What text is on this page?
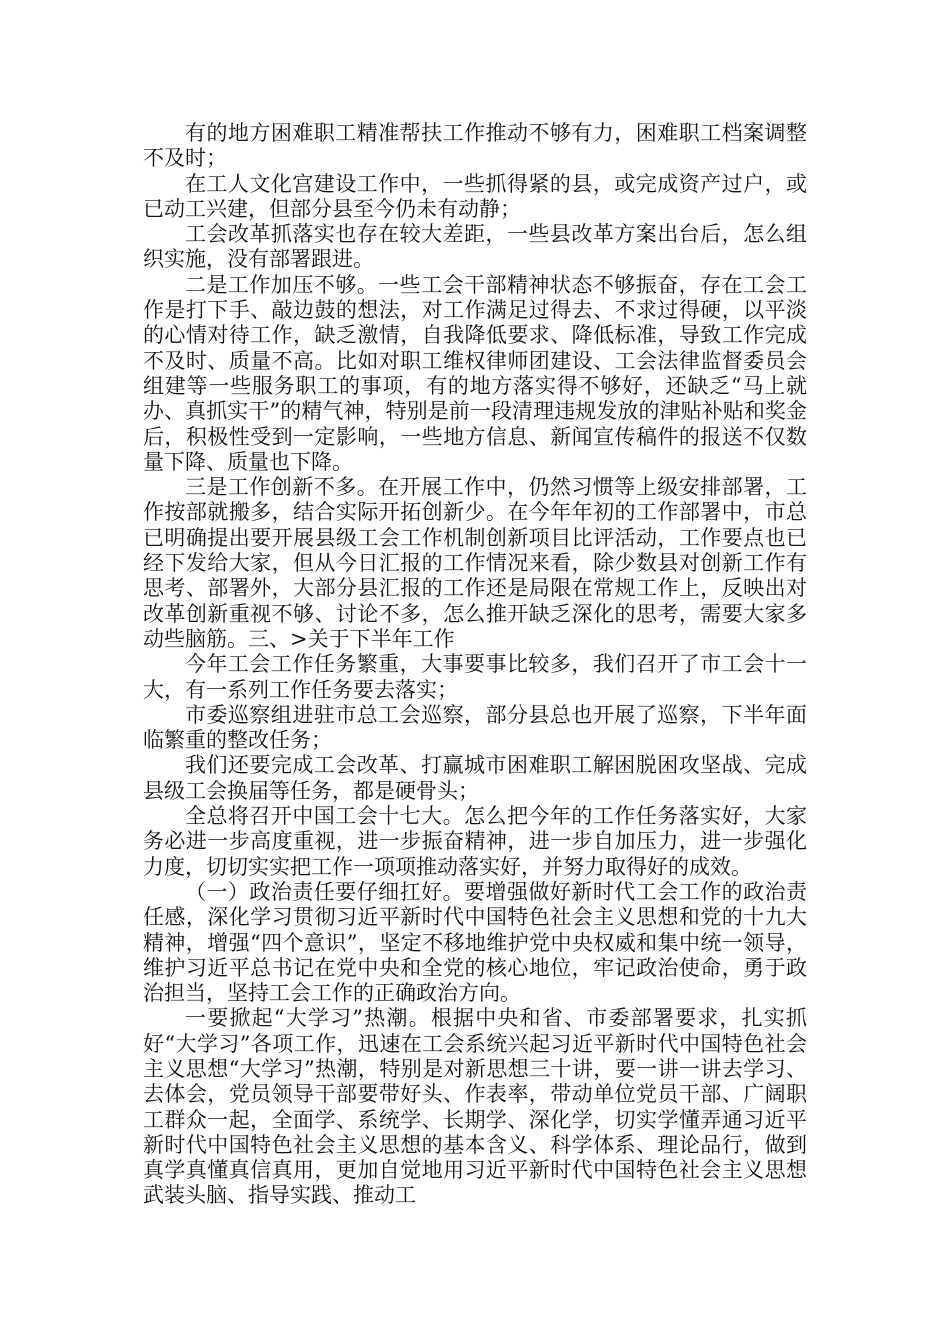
有的地方困难职工精准帮扶工作推动不够有力，困难职工档案调整不及时；

在工人文化宫建设工作中，一些抓得紧的县，或完成资产过户，或已动工兴建，但部分县至今仍未有动静；

工会改革抓落实也存在较大差距，一些县改革方案出台后，怎么组织实施，没有部署跟进。

二是工作加压不够。一些工会干部精神状态不够振奋，存在工会工作是打下手、敲边鼓的想法，对工作满足过得去、不求过得硬，以平淡的心情对待工作，缺乏激情，自我降低要求、降低标准，导致工作完成不及时、质量不高。比如对职工维权律师团建设、工会法律监督委员会组建等一些服务职工的事项，有的地方落实得不够好，还缺乏“马上就办、真抓实干”的精气神，特别是前一段清理违规发放的津贴补贴和奖金后，积极性受到一定影响，一些地方信息、新闻宣传稿件的报送不仅数量下降、质量也下降。

三是工作创新不多。在开展工作中，仍然习惯等上级安排部署，工作按部就搬多，结合实际开拓创新少。在今年年初的工作部署中，市总已明确提出要开展县级工会工作机制创新项目比评活动，工作要点也已经下发给大家，但从今日汇报的工作情况来看，除少数县对创新工作有思考、部署外，大部分县汇报的工作还是局限在常规工作上，反映出对改革创新重视不够、讨论不多，怎么推开缺乏深化的思考，需要大家多动些脑筋。三、>关于下半年工作

今年工会工作任务繁重，大事要事比较多，我们召开了市工会十一大，有一系列工作任务要去落实；

市委巡察组进驻市总工会巡察，部分县总也开展了巡察，下半年面临繁重的整改任务；

我们还要完成工会改革、打赢城市困难职工解困脱困攻坚战、完成县级工会换届等任务，都是硬骨头；

全总将召开中国工会十七大。怎么把今年的工作任务落实好，大家务必进一步高度重视，进一步振奋精神，进一步自加压力，进一步强化力度，切切实实把工作一项项推动落实好，并努力取得好的成效。

（一）政治责任要仔细扛好。要增强做好新时代工会工作的政治责任感，深化学习贯彻习近平新时代中国特色社会主义思想和党的十九大精神，增强“四个意识”，坚定不移地维护党中央权威和集中统一领导，维护习近平总书记在党中央和全党的核心地位，牢记政治使命，勇于政治担当，坚持工会工作的正确政治方向。

一要掀起“大学习”热潮。根据中央和省、市委部署要求，扎实抓好“大学习”各项工作，迅速在工会系统兴起习近平新时代中国特色社会主义思想“大学习”热潮，特别是对新思想三十讲，要一讲一讲去学习、去体会，党员领导干部要带好头、作表率，带动单位党员干部、广阔职工群众一起，全面学、系统学、长期学、深化学，切实学懂弄通习近平新时代中国特色社会主义思想的基本含义、科学体系、理论品行，做到真学真懂真信真用，更加自觉地用习近平新时代中国特色社会主义思想武装头脑、指导实践、推动工
